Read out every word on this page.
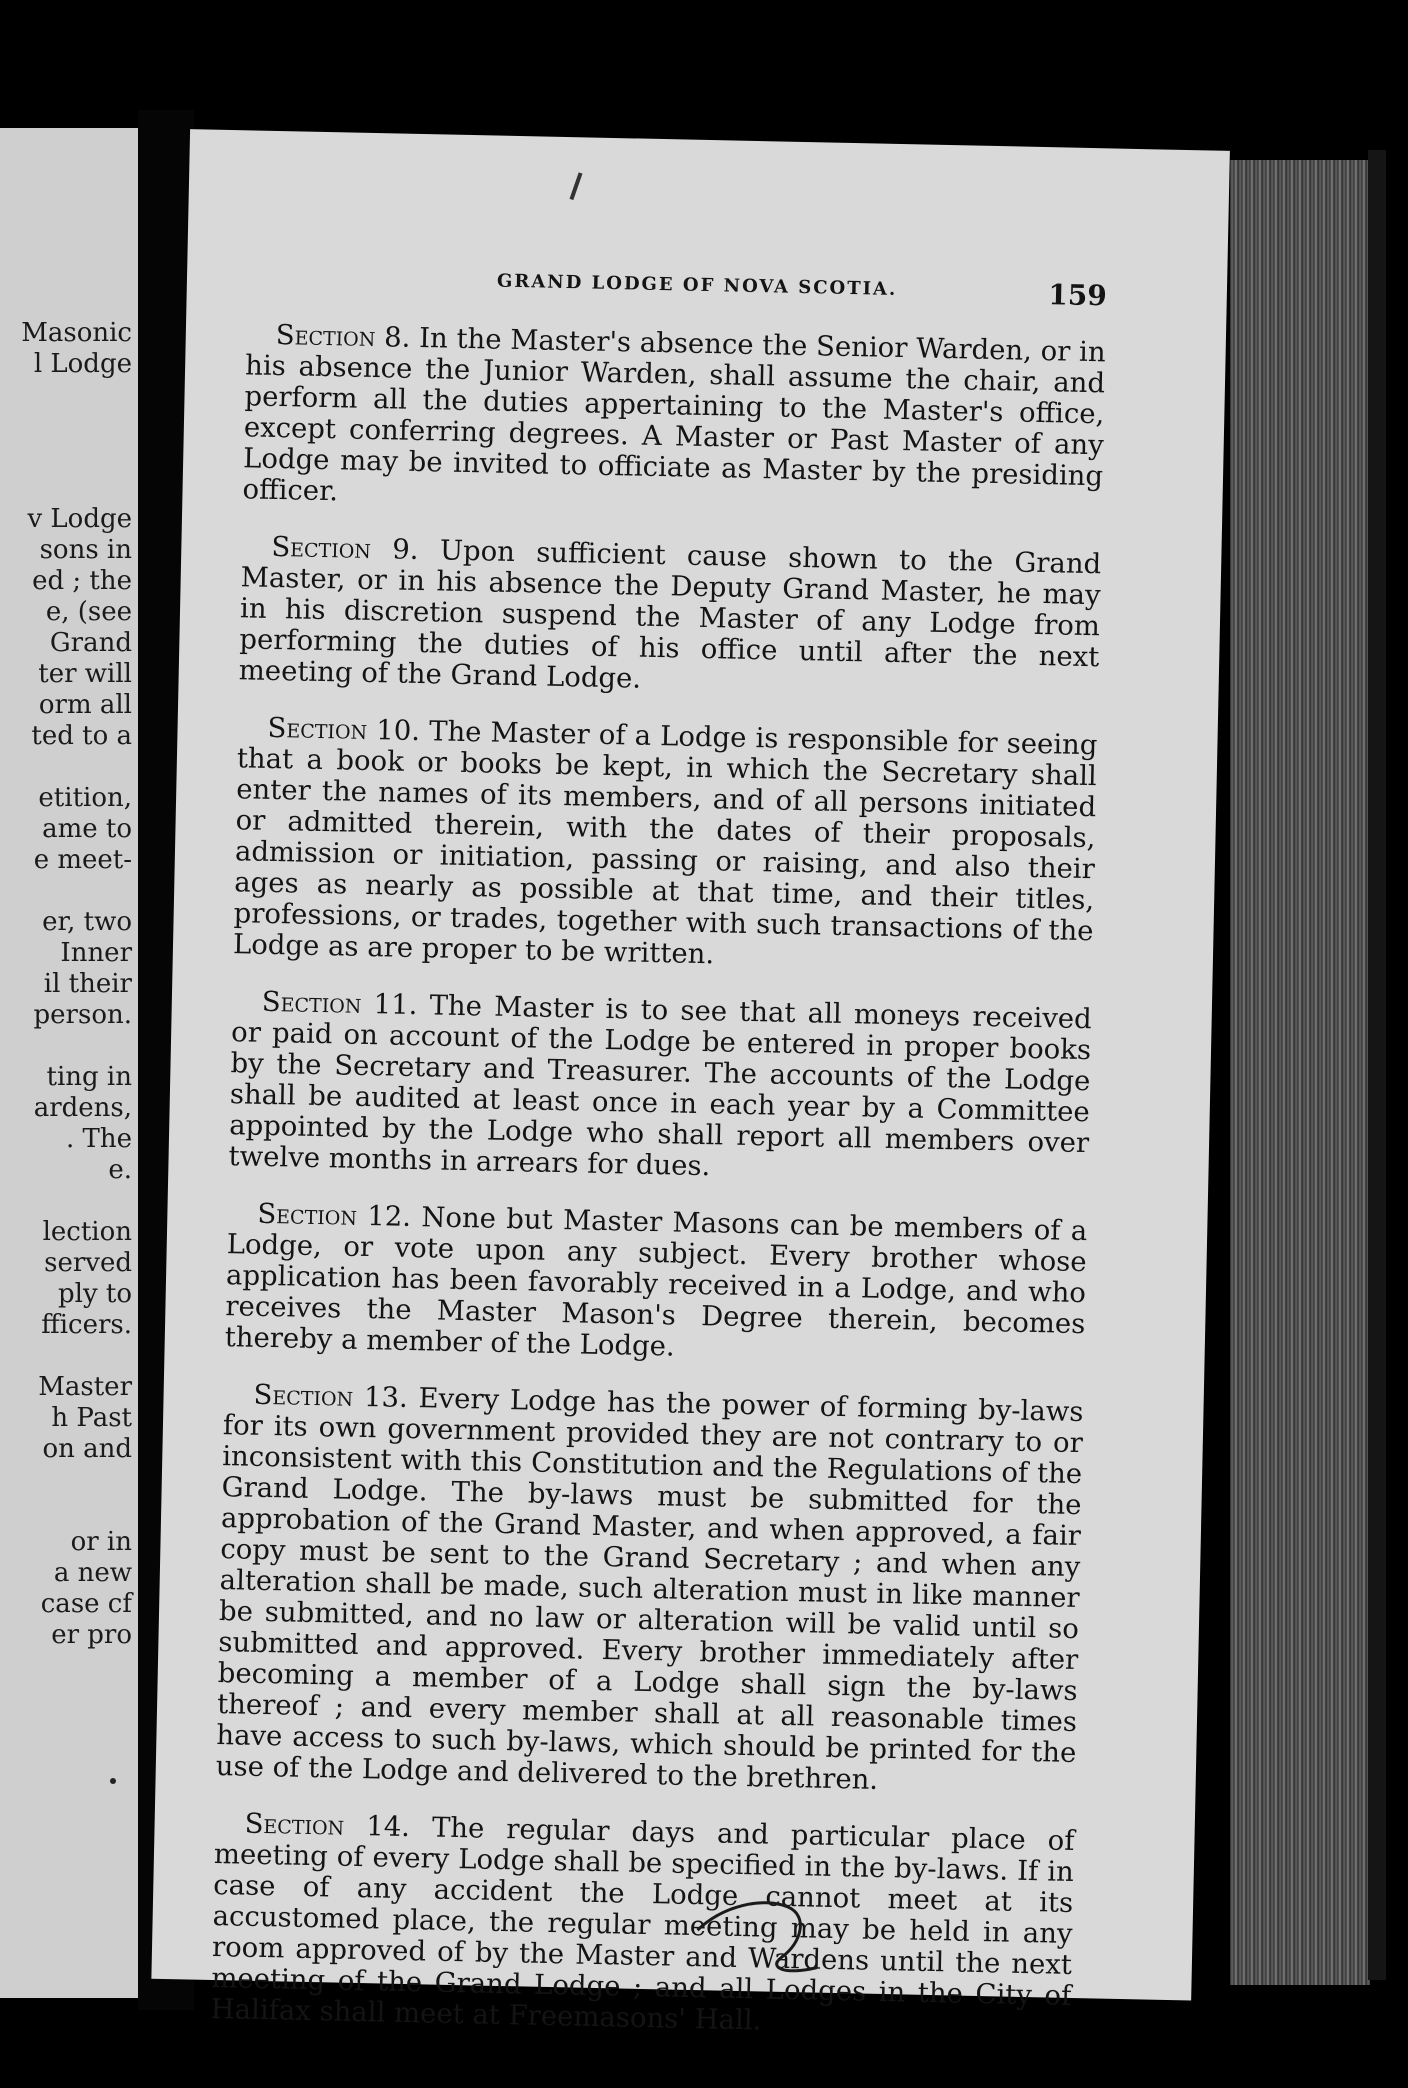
Masonic
l Lodge
v Lodge
sons in
ed ; the
e, (see
Grand
ter will
orm all
ted to a
etition,
ame to
e meet-
er, two
Inner
il their
person.
ting in
ardens,
. The
e.
lection
served
ply to
fficers.
Master
h Past
on and
or in
a new
case cf
er pro
GRAND LODGE OF NOVA SCOTIA.	159
Section 8. In the Master's absence the Senior Warden, or in his absence the Junior Warden, shall assume the chair, and perform all the duties appertaining to the Master's office, except conferring degrees. A Master or Past Master of any Lodge may be invited to officiate as Master by the presiding officer.
Section 9. Upon sufficient cause shown to the Grand Master, or in his absence the Deputy Grand Master, he may in his discretion suspend the Master of any Lodge from performing the duties of his office until after the next meeting of the Grand Lodge.
Section 10. The Master of a Lodge is responsible for seeing that a book or books be kept, in which the Secretary shall enter the names of its members, and of all persons initiated or admitted therein, with the dates of their proposals, admission or initiation, passing or raising, and also their ages as nearly as possible at that time, and their titles, professions, or trades, together with such transactions of the Lodge as are proper to be written.
Section 11. The Master is to see that all moneys received or paid on account of the Lodge be entered in proper books by the Secretary and Treasurer. The accounts of the Lodge shall be audited at least once in each year by a Committee appointed by the Lodge who shall report all members over twelve months in arrears for dues.
Section 12. None but Master Masons can be members of a Lodge, or vote upon any subject. Every brother whose application has been favorably received in a Lodge, and who receives the Master Mason's Degree therein, becomes thereby a member of the Lodge.
Section 13. Every Lodge has the power of forming by-laws for its own government provided they are not contrary to or inconsistent with this Constitution and the Regulations of the Grand Lodge. The by-laws must be submitted for the approbation of the Grand Master, and when approved, a fair copy must be sent to the Grand Secretary ; and when any alteration shall be made, such alteration must in like manner be submitted, and no law or alteration will be valid until so submitted and approved. Every brother immediately after becoming a member of a Lodge shall sign the by-laws thereof ; and every member shall at all reasonable times have access to such by-laws, which should be printed for the use of the Lodge and delivered to the brethren.
Section 14. The regular days and particular place of meeting of every Lodge shall be specified in the by-laws. If in case of any accident the Lodge cannot meet at its accustomed place, the regular meeting may be held in any room approved of by the Master and Wardens until the next meeting of the Grand Lodge ; and all Lodges in the City of Halifax shall meet at Freemasons' Hall.
